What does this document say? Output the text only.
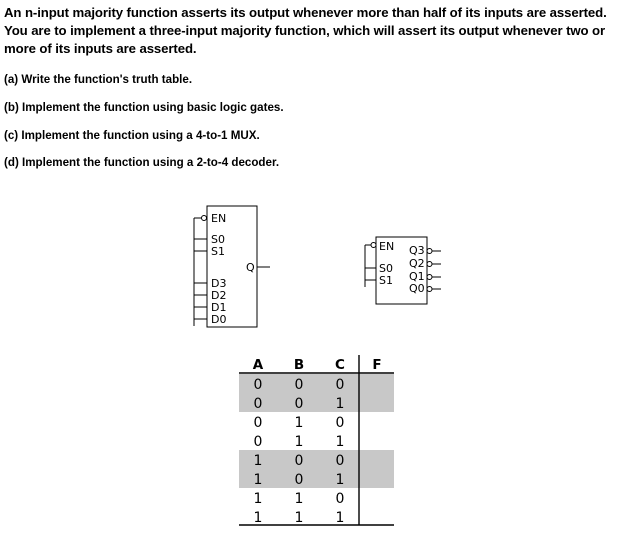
An n-input majority function asserts its output whenever more than half of its inputs are asserted. You are to implement a three-input majority function, which will assert its output whenever two or more of its inputs are asserted.
(a) Write the function's truth table.
(b) Implement the function using basic logic gates.
(c) Implement the function using a 4-to-1 MUX.
(d) Implement the function using a 2-to-4 decoder.
EN
S0
S1
D3
D2
D1
D0
Q
EN
S0
S1
Q3
Q2
Q1
Q0
A B C F
0 0 0
0 0 1
0 1 0
0 1 1
1 0 0
1 0 1
1 1 0
1 1 1
